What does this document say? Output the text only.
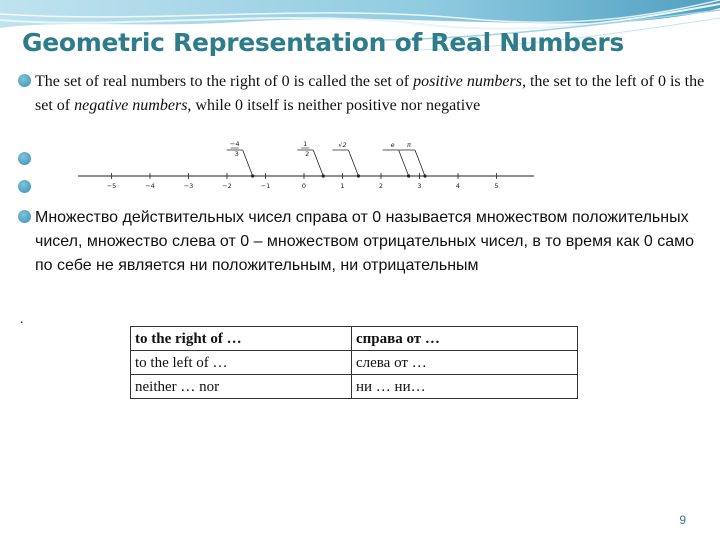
Geometric Representation of Real Numbers
The set of real numbers to the right of 0 is called the set of positive numbers, the set to the left of 0 is the set of negative numbers, while 0 itself is neither positive nor negative
Множество действительных чисел справа от 0 называется множеством положительных чисел, множество слева от 0 – множеством отрицательных чисел, в то время как 0 само по себе не является ни положительным, ни отрицательным
−5	−4	−3	−2	−1	0	1	2	3	4	5
−4
3
1
2
√2	e π
.
to the right of …	справа от …
to the left of …	слева от …
neither … nor	ни … ни…
9
